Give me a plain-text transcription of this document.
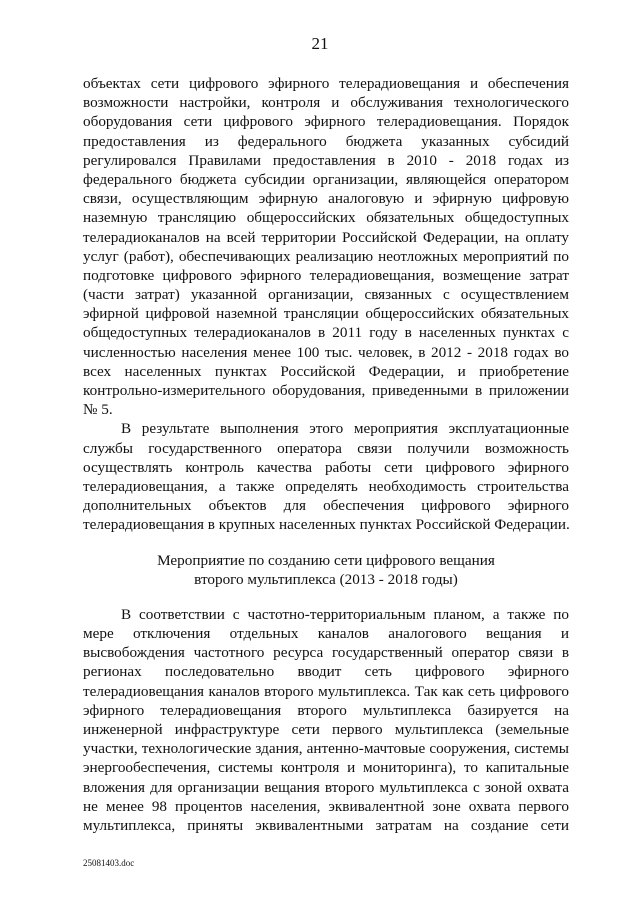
21
объектах сети цифрового эфирного телерадиовещания и обеспечения
возможности настройки, контроля и обслуживания технологического
оборудования сети цифрового эфирного телерадиовещания. Порядок
предоставления из федерального бюджета указанных субсидий
регулировался Правилами предоставления в 2010 - 2018 годах из
федерального бюджета субсидии организации, являющейся оператором
связи, осуществляющим эфирную аналоговую и эфирную цифровую
наземную трансляцию общероссийских обязательных общедоступных
телерадиоканалов на всей территории Российской Федерации, на оплату
услуг (работ), обеспечивающих реализацию неотложных мероприятий по
подготовке цифрового эфирного телерадиовещания, возмещение затрат
(части затрат) указанной организации, связанных с осуществлением
эфирной цифровой наземной трансляции общероссийских обязательных
общедоступных телерадиоканалов в 2011 году в населенных пунктах с
численностью населения менее 100 тыс. человек, в 2012 - 2018 годах во
всех населенных пунктах Российской Федерации, и приобретение
контрольно-измерительного оборудования, приведенными в приложении
№ 5.
В результате выполнения этого мероприятия эксплуатационные
службы государственного оператора связи получили возможность
осуществлять контроль качества работы сети цифрового эфирного
телерадиовещания, а также определять необходимость строительства
дополнительных объектов для обеспечения цифрового эфирного
телерадиовещания в крупных населенных пунктах Российской Федерации.
Мероприятие по созданию сети цифрового вещания
второго мультиплекса (2013 - 2018 годы)
В соответствии с частотно-территориальным планом, а также по
мере отключения отдельных каналов аналогового вещания и
высвобождения частотного ресурса государственный оператор связи в
регионах последовательно вводит сеть цифрового эфирного
телерадиовещания каналов второго мультиплекса. Так как сеть цифрового
эфирного телерадиовещания второго мультиплекса базируется на
инженерной инфраструктуре сети первого мультиплекса (земельные
участки, технологические здания, антенно-мачтовые сооружения, системы
энергообеспечения, системы контроля и мониторинга), то капитальные
вложения для организации вещания второго мультиплекса с зоной охвата
не менее 98 процентов населения, эквивалентной зоне охвата первого
мультиплекса, приняты эквивалентными затратам на создание сети
25081403.doc
